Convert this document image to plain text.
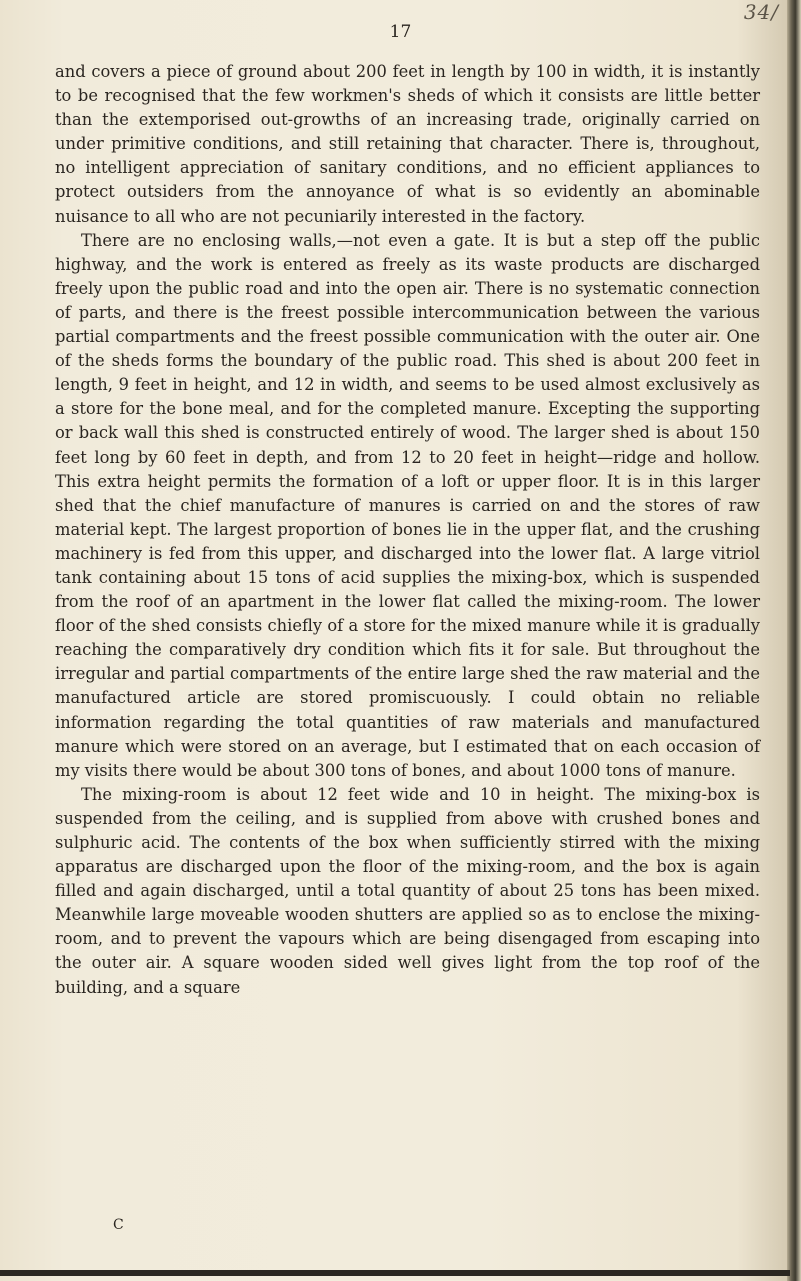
34/
17

and covers a piece of ground about 200 feet in length by 100 in width, it is instantly to be recognised that the few workmen's sheds of which it consists are little better than the extemporised out-growths of an increasing trade, originally carried on under primitive conditions, and still retaining that character. There is, throughout, no intelligent appreciation of sanitary conditions, and no efficient appliances to protect outsiders from the annoyance of what is so evidently an abominable nuisance to all who are not pecuniarily interested in the factory.

There are no enclosing walls,—not even a gate. It is but a step off the public highway, and the work is entered as freely as its waste products are discharged freely upon the public road and into the open air. There is no systematic connection of parts, and there is the freest possible intercommunication between the various partial compartments and the freest possible communication with the outer air. One of the sheds forms the boundary of the public road. This shed is about 200 feet in length, 9 feet in height, and 12 in width, and seems to be used almost exclusively as a store for the bone meal, and for the completed manure. Excepting the supporting or back wall this shed is constructed entirely of wood. The larger shed is about 150 feet long by 60 feet in depth, and from 12 to 20 feet in height—ridge and hollow. This extra height permits the formation of a loft or upper floor. It is in this larger shed that the chief manufacture of manures is carried on and the stores of raw material kept. The largest proportion of bones lie in the upper flat, and the crushing machinery is fed from this upper, and discharged into the lower flat. A large vitriol tank containing about 15 tons of acid supplies the mixing-box, which is suspended from the roof of an apartment in the lower flat called the mixing-room. The lower floor of the shed consists chiefly of a store for the mixed manure while it is gradually reaching the comparatively dry condition which fits it for sale. But throughout the irregular and partial compartments of the entire large shed the raw material and the manufactured article are stored promiscuously. I could obtain no reliable information regarding the total quantities of raw materials and manufactured manure which were stored on an average, but I estimated that on each occasion of my visits there would be about 300 tons of bones, and about 1000 tons of manure.

The mixing-room is about 12 feet wide and 10 in height. The mixing-box is suspended from the ceiling, and is supplied from above with crushed bones and sulphuric acid. The contents of the box when sufficiently stirred with the mixing apparatus are discharged upon the floor of the mixing-room, and the box is again filled and again discharged, until a total quantity of about 25 tons has been mixed. Meanwhile large moveable wooden shutters are applied so as to enclose the mixing-room, and to prevent the vapours which are being disengaged from escaping into the outer air. A square wooden sided well gives light from the top roof of the building, and a square

C
